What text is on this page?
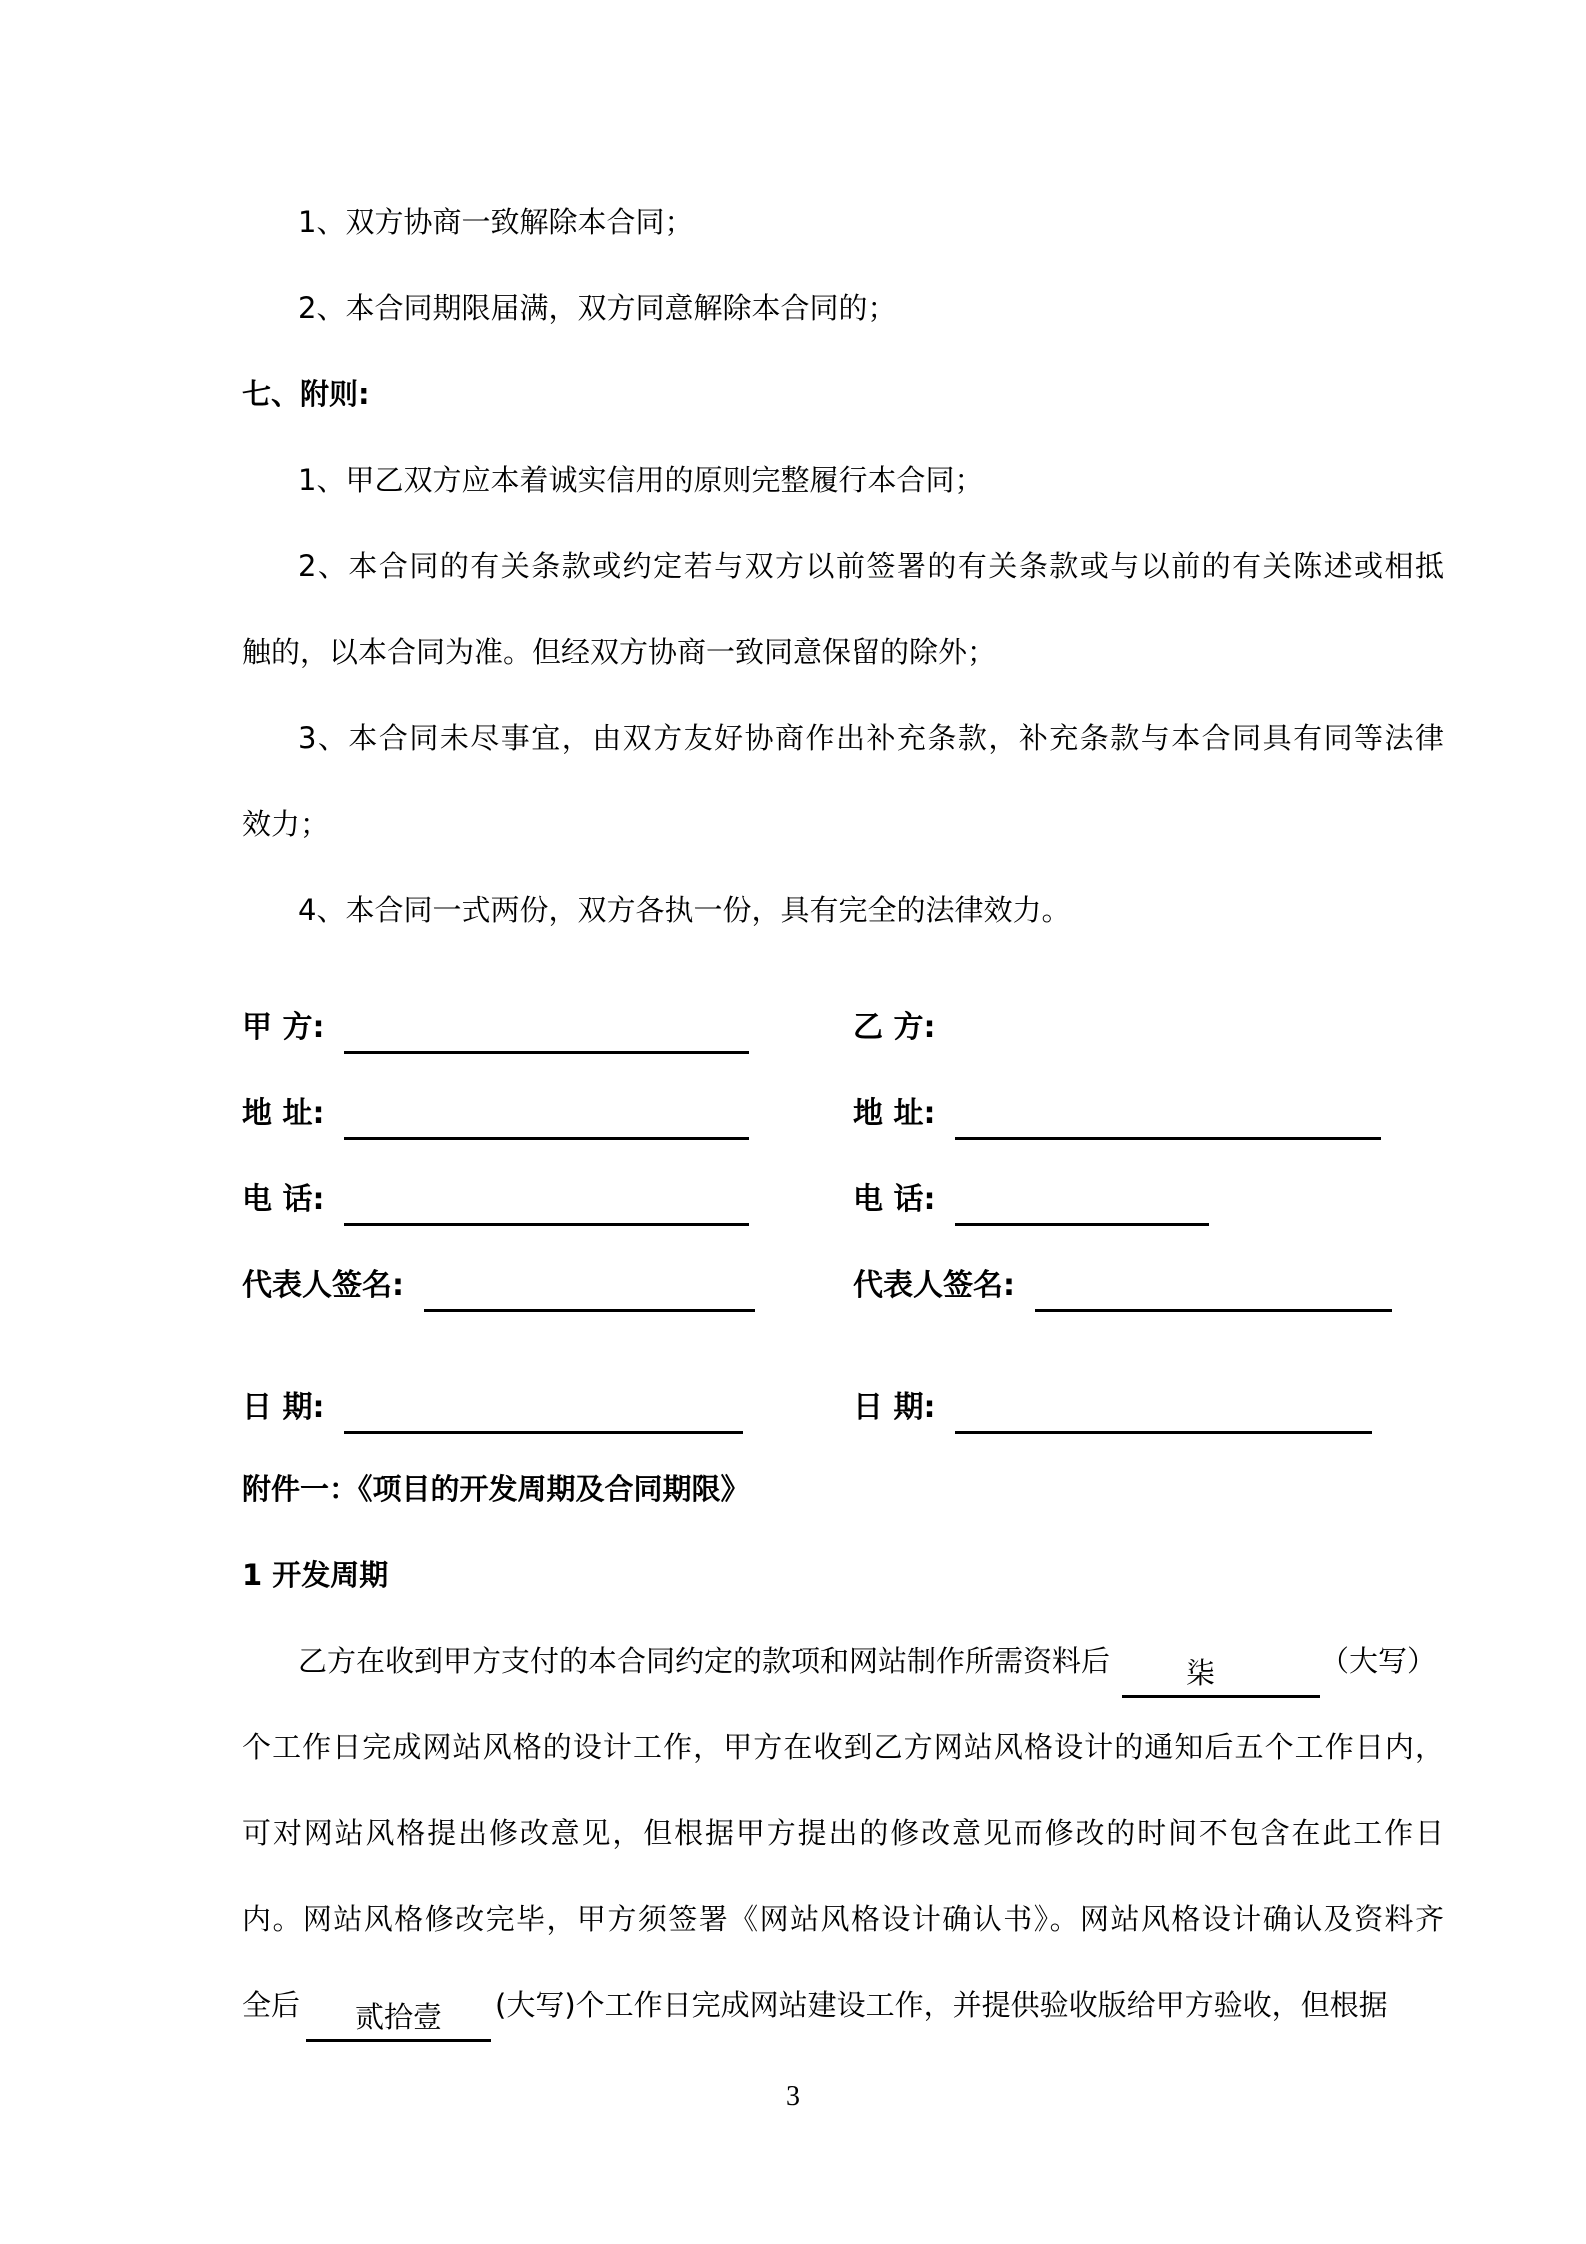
1、双方协商一致解除本合同；
2、本合同期限届满，双方同意解除本合同的；
七、附则:
1、甲乙双方应本着诚实信用的原则完整履行本合同；
2、本合同的有关条款或约定若与双方以前签署的有关条款或与以前的有关陈述或相抵
触的，以本合同为准。但经双方协商一致同意保留的除外；
3、本合同未尽事宜，由双方友好协商作出补充条款，补充条款与本合同具有同等法律
效力；
4、本合同一式两份，双方各执一份，具有完全的法律效力。
甲 方:	乙 方:
地 址:	地 址:
电 话:	电 话:
代表人签名:	代表人签名:
日 期:	日 期:
附件一：《项目的开发周期及合同期限》
1 开发周期
乙方在收到甲方支付的本合同约定的款项和网站制作所需资料后	柒	（大写）
个工作日完成网站风格的设计工作，甲方在收到乙方网站风格设计的通知后五个工作日内，
可对网站风格提出修改意见，但根据甲方提出的修改意见而修改的时间不包含在此工作日
内。网站风格修改完毕，甲方须签署《网站风格设计确认书》。网站风格设计确认及资料齐
全后 贰拾壹 (大写)个工作日完成网站建设工作，并提供验收版给甲方验收，但根据
3
